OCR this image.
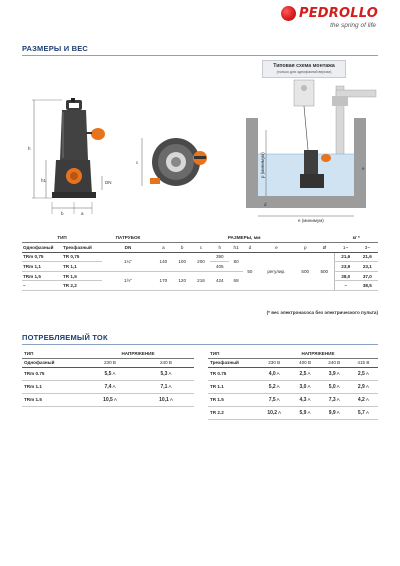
PEDROLLO
the spring of life
РАЗМЕРЫ И ВЕС
h
h1	DN
b	a
c
Типовая схема монтажа
(только для однофазной версии)
p (минимум)
d
e (минимум)
e
ТИП		ПАТРУБОК	РАЗМЕРЫ, мм									кг *	
Однофазный	Трехфазный	DN	a	b	c	h	h1	d	e	p	Ø	1~	3~
TRm 0,75	TR 0,75	1¼"	140	100	200	390	80	50	регулир.	500	500	21,6	21,6
TRm 1,1	TR 1,1					405						23,9	23,1
TRm 1,5	TR 1,5	1½"	170	120	216	424	68					38,0	37,0
–	TR 2,2											–	38,5
(* вес электронасоса без электрического пульта)
ПОТРЕБЛЯЕМЫЙ ТОК
ТИП	НАПРЯЖЕНИЕ	
Однофазный	230 В	240 В
TRm 0.75	5,5А	5,3А
TRm 1.1	7,4А	7,1А
TRm 1.5	10,5А	10,1А
ТИП	НАПРЯЖЕНИЕ			
Трехфазный	230 В	400 В	240 В	415 В
TR 0.75	4,0А	2,5А	3,9А	2,5А
TR 1.1	5,2А	3,0А	5,0А	2,9А
TR 1.5	7,5А	4,3А	7,3А	4,2А
TR 2.2	10,2А	5,9А	9,9А	5,7А
